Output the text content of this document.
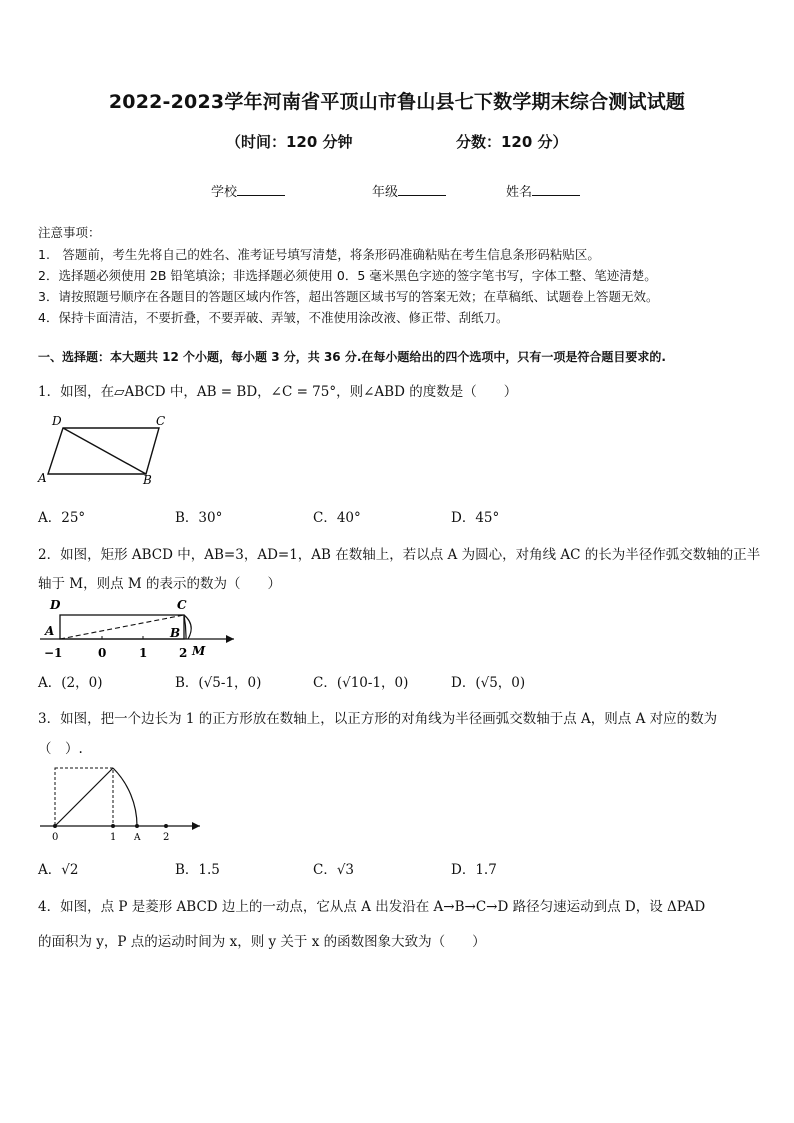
2022-2023学年河南省平顶山市鲁山县七下数学期末综合测试试题
（时间：120 分钟	分数：120 分）
学校	年级	姓名
注意事项：
1.　答题前，考生先将自己的姓名、准考证号填写清楚，将条形码准确粘贴在考生信息条形码粘贴区。
2．选择题必须使用 2B 铅笔填涂；非选择题必须使用 0．5 毫米黑色字迹的签字笔书写，字体工整、笔迹清楚。
3．请按照题号顺序在各题目的答题区域内作答，超出答题区域书写的答案无效；在草稿纸、试题卷上答题无效。
4．保持卡面清洁，不要折叠，不要弄破、弄皱，不准使用涂改液、修正带、刮纸刀。
一、选择题：本大题共 12 个小题，每小题 3 分，共 36 分.在每小题给出的四个选项中，只有一项是符合题目要求的.
1．如图，在▱ABCD 中，AB = BD，∠C = 75°，则∠ABD 的度数是（　　）
D	C
A	B
A．25°	B．30°	C．40°	D．45°
2．如图，矩形 ABCD 中，AB=3，AD=1，AB 在数轴上，若以点 A 为圆心，对角线 AC 的长为半径作弧交数轴的正半
轴于 M，则点 M 的表示的数为（　　）
D	C
A	B
M
−1	0	1	2
A．(2，0)	B．(√5-1，0)	C．(√10-1，0)	D．(√5，0)
3．如图，把一个边长为 1 的正方形放在数轴上，以正方形的对角线为半径画弧交数轴于点 A，则点 A 对应的数为
（　）.
0	1 A 2
A．√2	B．1.5	C．√3	D．1.7
4．如图，点 P 是菱形 ABCD 边上的一动点，它从点 A 出发沿在 A→B→C→D 路径匀速运动到点 D，设 ΔPAD
的面积为 y，P 点的运动时间为 x，则 y 关于 x 的函数图象大致为（　　）
